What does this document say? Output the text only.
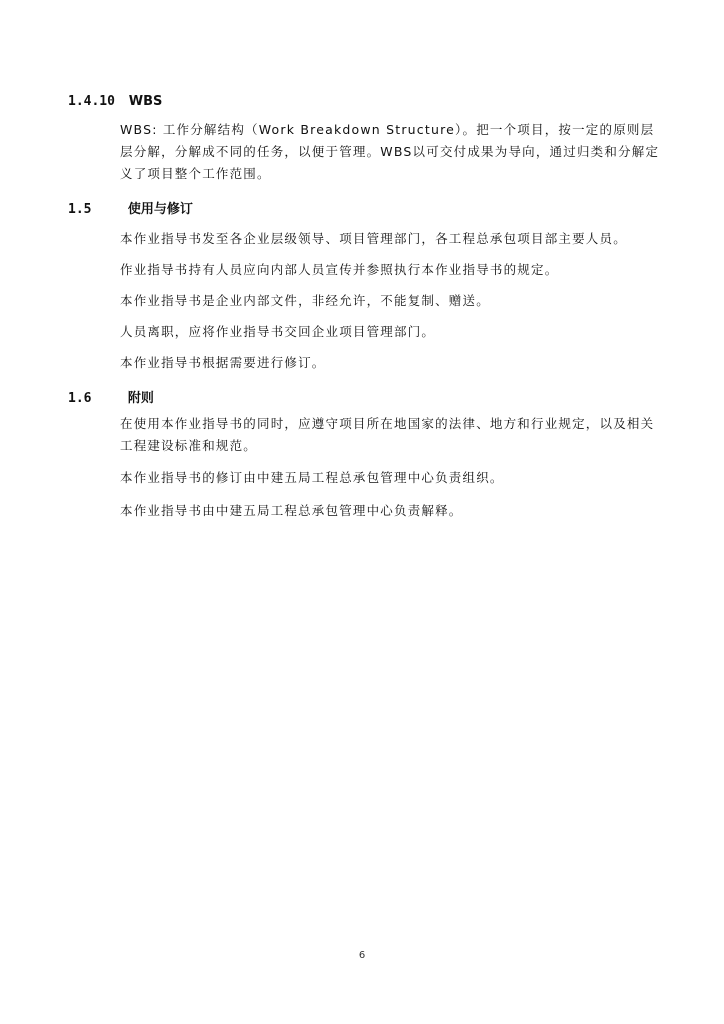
1.4.10 WBS
WBS: 工作分解结构（Work Breakdown Structure）。把一个项目，按一定的原则层层分解，分解成不同的任务，以便于管理。WBS以可交付成果为导向，通过归类和分解定义了项目整个工作范围。
1.5	使用与修订
本作业指导书发至各企业层级领导、项目管理部门，各工程总承包项目部主要人员。
作业指导书持有人员应向内部人员宣传并参照执行本作业指导书的规定。
本作业指导书是企业内部文件，非经允许，不能复制、赠送。
人员离职，应将作业指导书交回企业项目管理部门。
本作业指导书根据需要进行修订。
1.6	附则
在使用本作业指导书的同时，应遵守项目所在地国家的法律、地方和行业规定，以及相关工程建设标准和规范。
本作业指导书的修订由中建五局工程总承包管理中心负责组织。
本作业指导书由中建五局工程总承包管理中心负责解释。
6
